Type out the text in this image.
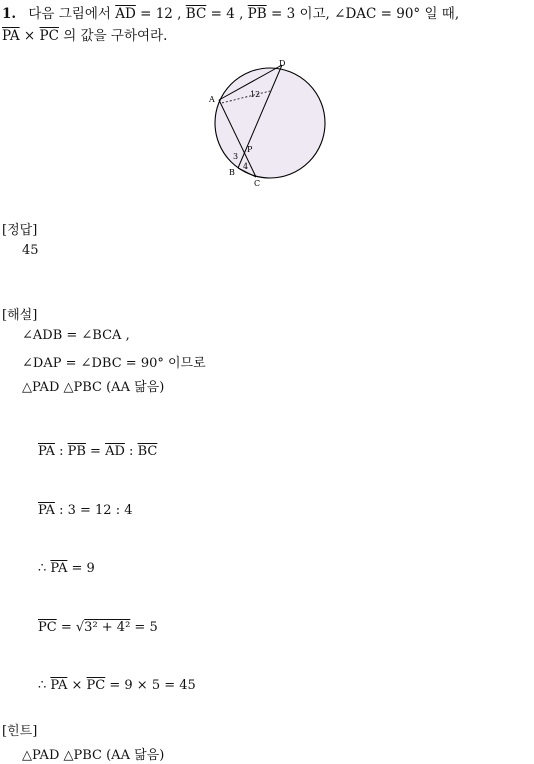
1. 다음 그림에서 $\overline{AD} = 12$ , $\overline{BC} = 4$ , $\overline{PB} = 3$ 이고, ∠DAC = 90° 일 때,
$\overline{PA} \times \overline{PC}$ 의 값을 구하여라.
D
A
12
P
3
4
B
C
[정답]
45
[해설]
∠ADB = ∠BCA ,
∠DAP = ∠DBC = 90° 이므로
△PAD △PBC (AA 닮음)
$\overline{PA}$ : $\overline{PB} = \overline{AD}$ : $\overline{BC}$
$\overline{PA}$ : 3 = 12 : 4
∴ $\overline{PA} = 9$
$\overline{PC} = √3^2 + 4^2 = 5$
∴ $\overline{PA} \times \overline{PC} = 9 \times 5 = 45$
[힌트]
△PAD △PBC (AA 닮음)
